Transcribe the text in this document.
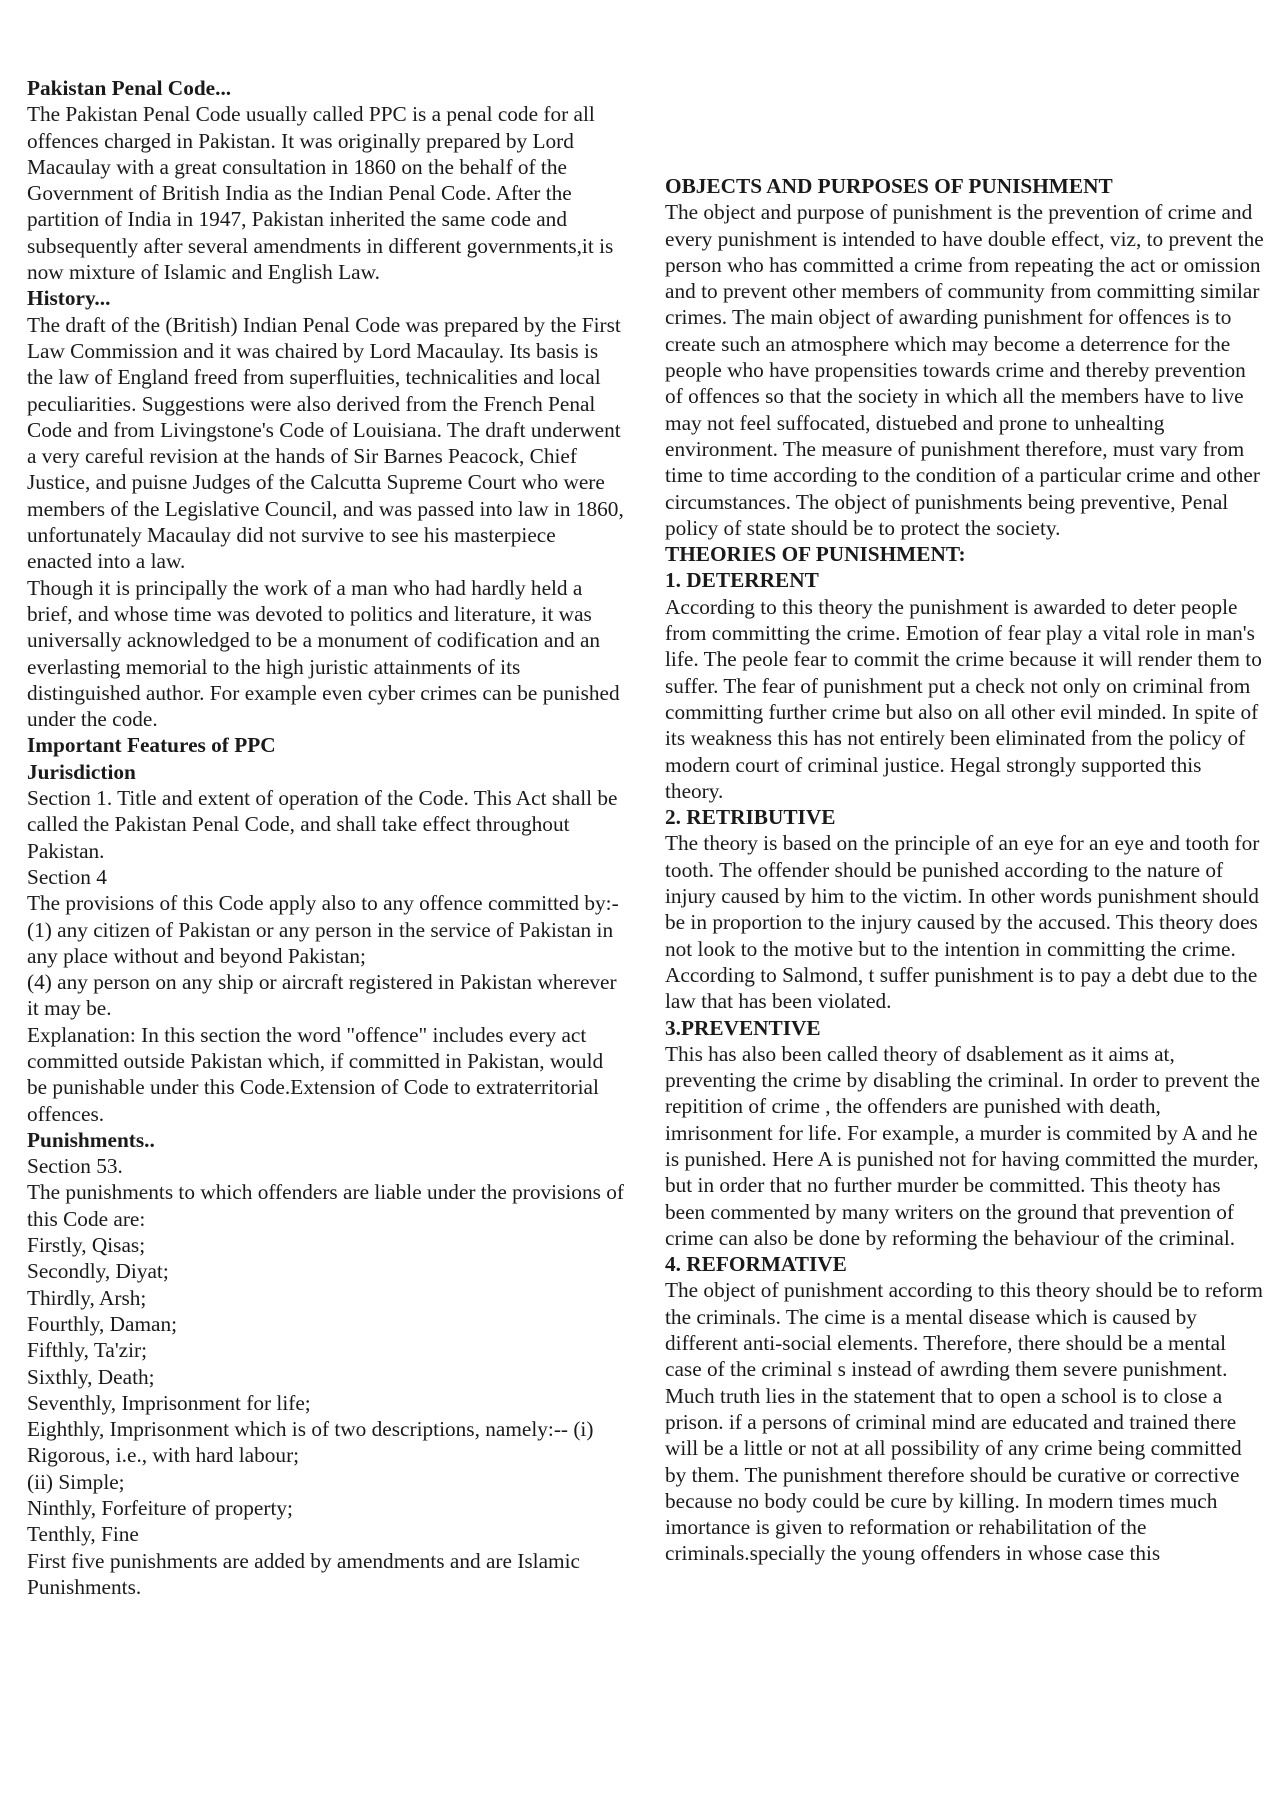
Pakistan Penal Code...
The Pakistan Penal Code usually called PPC is a penal code for all offences charged in Pakistan. It was originally prepared by Lord Macaulay with a great consultation in 1860 on the behalf of the Government of British India as the Indian Penal Code. After the partition of India in 1947, Pakistan inherited the same code and subsequently after several amendments in different governments,it is now mixture of Islamic and English Law.
History...
The draft of the (British) Indian Penal Code was prepared by the First Law Commission and it was chaired by Lord Macaulay. Its basis is the law of England freed from superfluities, technicalities and local peculiarities. Suggestions were also derived from the French Penal Code and from Livingstone's Code of Louisiana. The draft underwent a very careful revision at the hands of Sir Barnes Peacock, Chief Justice, and puisne Judges of the Calcutta Supreme Court who were members of the Legislative Council, and was passed into law in 1860, unfortunately Macaulay did not survive to see his masterpiece enacted into a law.
Though it is principally the work of a man who had hardly held a brief, and whose time was devoted to politics and literature, it was universally acknowledged to be a monument of codification and an everlasting memorial to the high juristic attainments of its distinguished author. For example even cyber crimes can be punished under the code.
Important Features of PPC
Jurisdiction
Section 1. Title and extent of operation of the Code. This Act shall be called the Pakistan Penal Code, and shall take effect throughout Pakistan.
Section 4
The provisions of this Code apply also to any offence committed by:-
(1) any citizen of Pakistan or any person in the service of Pakistan in any place without and beyond Pakistan;
(4) any person on any ship or aircraft registered in Pakistan wherever it may be.
Explanation: In this section the word "offence" includes every act committed outside Pakistan which, if committed in Pakistan, would be punishable under this Code.Extension of Code to extraterritorial offences.
Punishments..
Section 53.
The punishments to which offenders are liable under the provisions of this Code are:
Firstly, Qisas;
Secondly, Diyat;
Thirdly, Arsh;
Fourthly, Daman;
Fifthly, Ta'zir;
Sixthly, Death;
Seventhly, Imprisonment for life;
Eighthly, Imprisonment which is of two descriptions, namely:-- (i) Rigorous, i.e., with hard labour;
(ii) Simple;
Ninthly, Forfeiture of property;
Tenthly, Fine
First five punishments are added by amendments and are Islamic Punishments.
OBJECTS AND PURPOSES OF PUNISHMENT
The object and purpose of punishment is the prevention of crime and every punishment is intended to have double effect, viz, to prevent the person who has committed a crime from repeating the act or omission and to prevent other members of community from committing similar crimes. The main object of awarding punishment for offences is to create such an atmosphere which may become a deterrence for the people who have propensities towards crime and thereby prevention of offences so that the society in which all the members have to live may not feel suffocated, distuebed and prone to unhealting environment. The measure of punishment therefore, must vary from time to time according to the condition of a particular crime and other circumstances. The object of punishments being preventive, Penal policy of state should be to protect the society.
THEORIES OF PUNISHMENT:
1. DETERRENT
According to this theory the punishment is awarded to deter people from committing the crime. Emotion of fear play a vital role in man's life. The peole fear to commit the crime because it will render them to suffer. The fear of punishment put a check not only on criminal from committing further crime but also on all other evil minded. In spite of its weakness this has not entirely been eliminated from the policy of modern court of criminal justice. Hegal strongly supported this theory.
2. RETRIBUTIVE
The theory is based on the principle of an eye for an eye and tooth for tooth. The offender should be punished according to the nature of injury caused by him to the victim. In other words punishment should be in proportion to the injury caused by the accused. This theory does not look to the motive but to the intention in committing the crime. According to Salmond, t suffer punishment is to pay a debt due to the law that has been violated.
3.PREVENTIVE
This has also been called theory of dsablement as it aims at, preventing the crime by disabling the criminal. In order to prevent the repitition of crime , the offenders are punished with death, imrisonment for life. For example, a murder is commited by A and he is punished. Here A is punished not for having committed the murder, but in order that no further murder be committed. This theoty has been commented by many writers on the ground that prevention of crime can also be done by reforming the behaviour of the criminal.
4. REFORMATIVE
The object of punishment according to this theory should be to reform the criminals. The cime is a mental disease which is caused by different anti-social elements. Therefore, there should be a mental case of the criminal s instead of awrding them severe punishment. Much truth lies in the statement that to open a school is to close a prison. if a persons of criminal mind are educated and trained there will be a little or not at all possibility of any crime being committed by them. The punishment therefore should be curative or corrective because no body could be cure by killing. In modern times much imortance is given to reformation or rehabilitation of the criminals.specially the young offenders in whose case this
